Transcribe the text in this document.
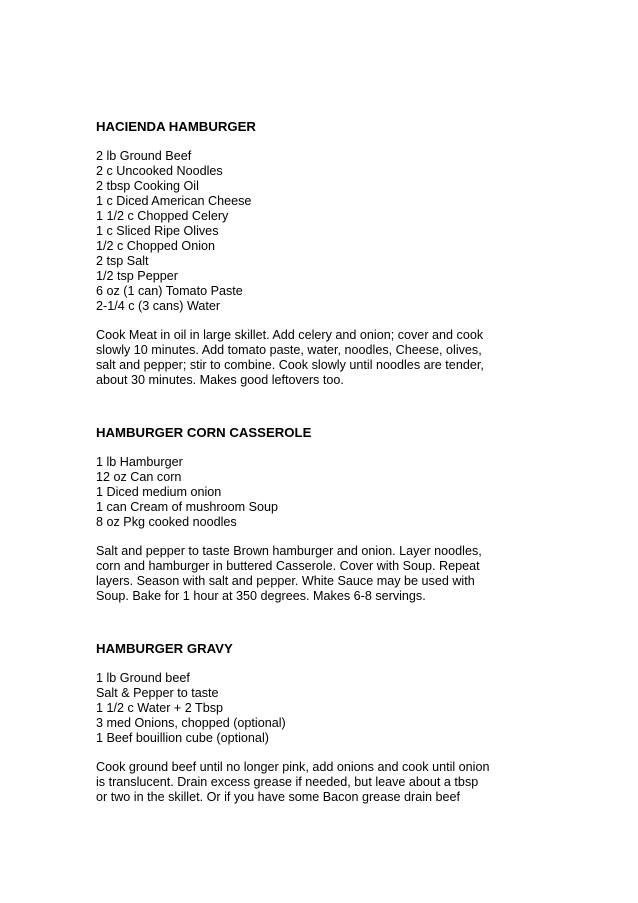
HACIENDA HAMBURGER
2 lb Ground Beef
2 c Uncooked Noodles
2 tbsp Cooking Oil
1 c Diced American Cheese
1 1/2 c Chopped Celery
1 c Sliced Ripe Olives
1/2 c Chopped Onion
2 tsp Salt
1/2 tsp Pepper
6 oz (1 can) Tomato Paste
2-1/4 c (3 cans) Water

Cook Meat in oil in large skillet. Add celery and onion; cover and cook
slowly 10 minutes. Add tomato paste, water, noodles, Cheese, olives,
salt and pepper; stir to combine. Cook slowly until noodles are tender,
about 30 minutes. Makes good leftovers too.

HAMBURGER CORN CASSEROLE
1 lb Hamburger
12 oz Can corn
1 Diced medium onion
1 can Cream of mushroom Soup
8 oz Pkg cooked noodles

Salt and pepper to taste Brown hamburger and onion. Layer noodles,
corn and hamburger in buttered Casserole. Cover with Soup. Repeat
layers. Season with salt and pepper. White Sauce may be used with
Soup. Bake for 1 hour at 350 degrees. Makes 6-8 servings.

HAMBURGER GRAVY
1 lb Ground beef
Salt & Pepper to taste
1 1/2 c Water + 2 Tbsp
3 med Onions, chopped (optional)
1 Beef bouillion cube (optional)

Cook ground beef until no longer pink, add onions and cook until onion
is translucent. Drain excess grease if needed, but leave about a tbsp
or two in the skillet. Or if you have some Bacon grease drain beef
